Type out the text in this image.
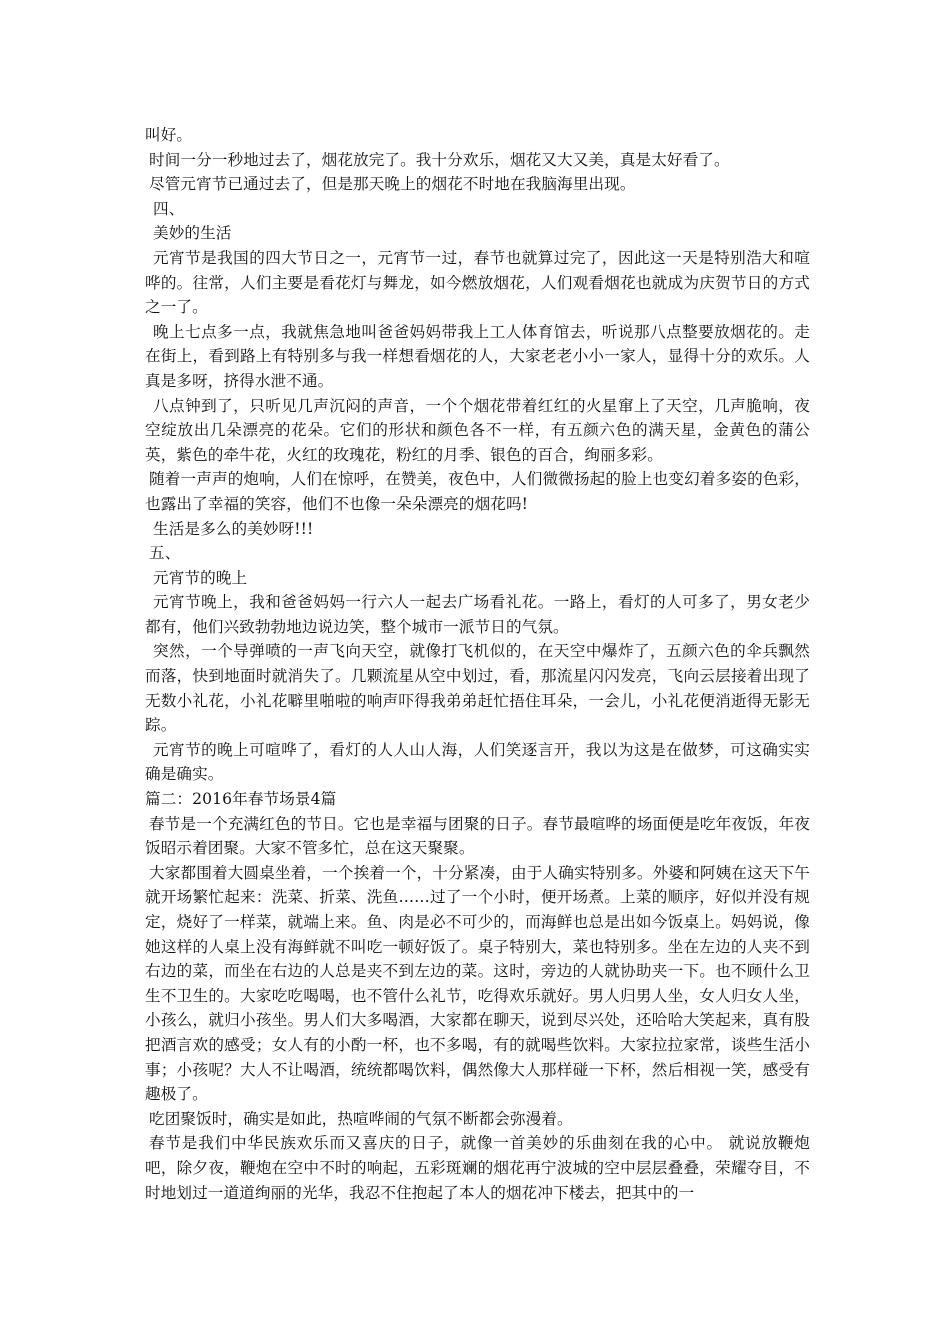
叫好。

时间一分一秒地过去了，烟花放完了。我十分欢乐，烟花又大又美，真是太好看了。

尽管元宵节已通过去了，但是那天晚上的烟花不时地在我脑海里出现。

四、

美妙的生活

元宵节是我国的四大节日之一，元宵节一过，春节也就算过完了，因此这一天是特别浩大和喧哗的。往常，人们主要是看花灯与舞龙，如今燃放烟花，人们观看烟花也就成为庆贺节日的方式之一了。

晚上七点多一点，我就焦急地叫爸爸妈妈带我上工人体育馆去，听说那八点整要放烟花的。走在街上，看到路上有特别多与我一样想看烟花的人，大家老老小小一家人，显得十分的欢乐。人真是多呀，挤得水泄不通。

八点钟到了，只听见几声沉闷的声音，一个个烟花带着红红的火星窜上了天空，几声脆响，夜空绽放出几朵漂亮的花朵。它们的形状和颜色各不一样，有五颜六色的满天星，金黄色的蒲公英，紫色的牵牛花，火红的玫瑰花，粉红的月季、银色的百合，绚丽多彩。

随着一声声的炮响，人们在惊呼，在赞美，夜色中，人们微微扬起的脸上也变幻着多姿的色彩，也露出了幸福的笑容，他们不也像一朵朵漂亮的烟花吗!

生活是多么的美妙呀!!!

五、

元宵节的晚上

元宵节晚上，我和爸爸妈妈一行六人一起去广场看礼花。一路上，看灯的人可多了，男女老少都有，他们兴致勃勃地边说边笑，整个城市一派节日的气氛。

突然，一个导弹喷的一声飞向天空，就像打飞机似的，在天空中爆炸了，五颜六色的伞兵飘然而落，快到地面时就消失了。几颗流星从空中划过，看，那流星闪闪发亮，飞向云层接着出现了无数小礼花，小礼花噼里啪啦的响声吓得我弟弟赶忙捂住耳朵，一会儿，小礼花便消逝得无影无踪。

元宵节的晚上可喧哗了，看灯的人人山人海，人们笑逐言开，我以为这是在做梦，可这确实实确是确实。

篇二：2016年春节场景4篇

春节是一个充满红色的节日。它也是幸福与团聚的日子。春节最喧哗的场面便是吃年夜饭，年夜饭昭示着团聚。大家不管多忙，总在这天聚聚。

大家都围着大圆桌坐着，一个挨着一个，十分紧凑，由于人确实特别多。外婆和阿姨在这天下午就开场繁忙起来：洗菜、折菜、洗鱼……过了一个小时，便开场煮。上菜的顺序，好似并没有规定，烧好了一样菜，就端上来。鱼、肉是必不可少的，而海鲜也总是出如今饭桌上。妈妈说，像她这样的人桌上没有海鲜就不叫吃一顿好饭了。桌子特别大，菜也特别多。坐在左边的人夹不到右边的菜，而坐在右边的人总是夹不到左边的菜。这时，旁边的人就协助夹一下。也不顾什么卫生不卫生的。大家吃吃喝喝，也不管什么礼节，吃得欢乐就好。男人归男人坐，女人归女人坐，小孩么，就归小孩坐。男人们大多喝酒，大家都在聊天，说到尽兴处，还哈哈大笑起来，真有股把酒言欢的感受；女人有的小酌一杯，也不多喝，有的就喝些饮料。大家拉拉家常，谈些生活小事；小孩呢？大人不让喝酒，统统都喝饮料，偶然像大人那样碰一下杯，然后相视一笑，感受有趣极了。

吃团聚饭时，确实是如此，热喧哗闹的气氛不断都会弥漫着。

春节是我们中华民族欢乐而又喜庆的日子，就像一首美妙的乐曲刻在我的心中。 就说放鞭炮吧，除夕夜，鞭炮在空中不时的响起，五彩斑斓的烟花再宁波城的空中层层叠叠，荣耀夺目，不时地划过一道道绚丽的光华，我忍不住抱起了本人的烟花冲下楼去，把其中的一
